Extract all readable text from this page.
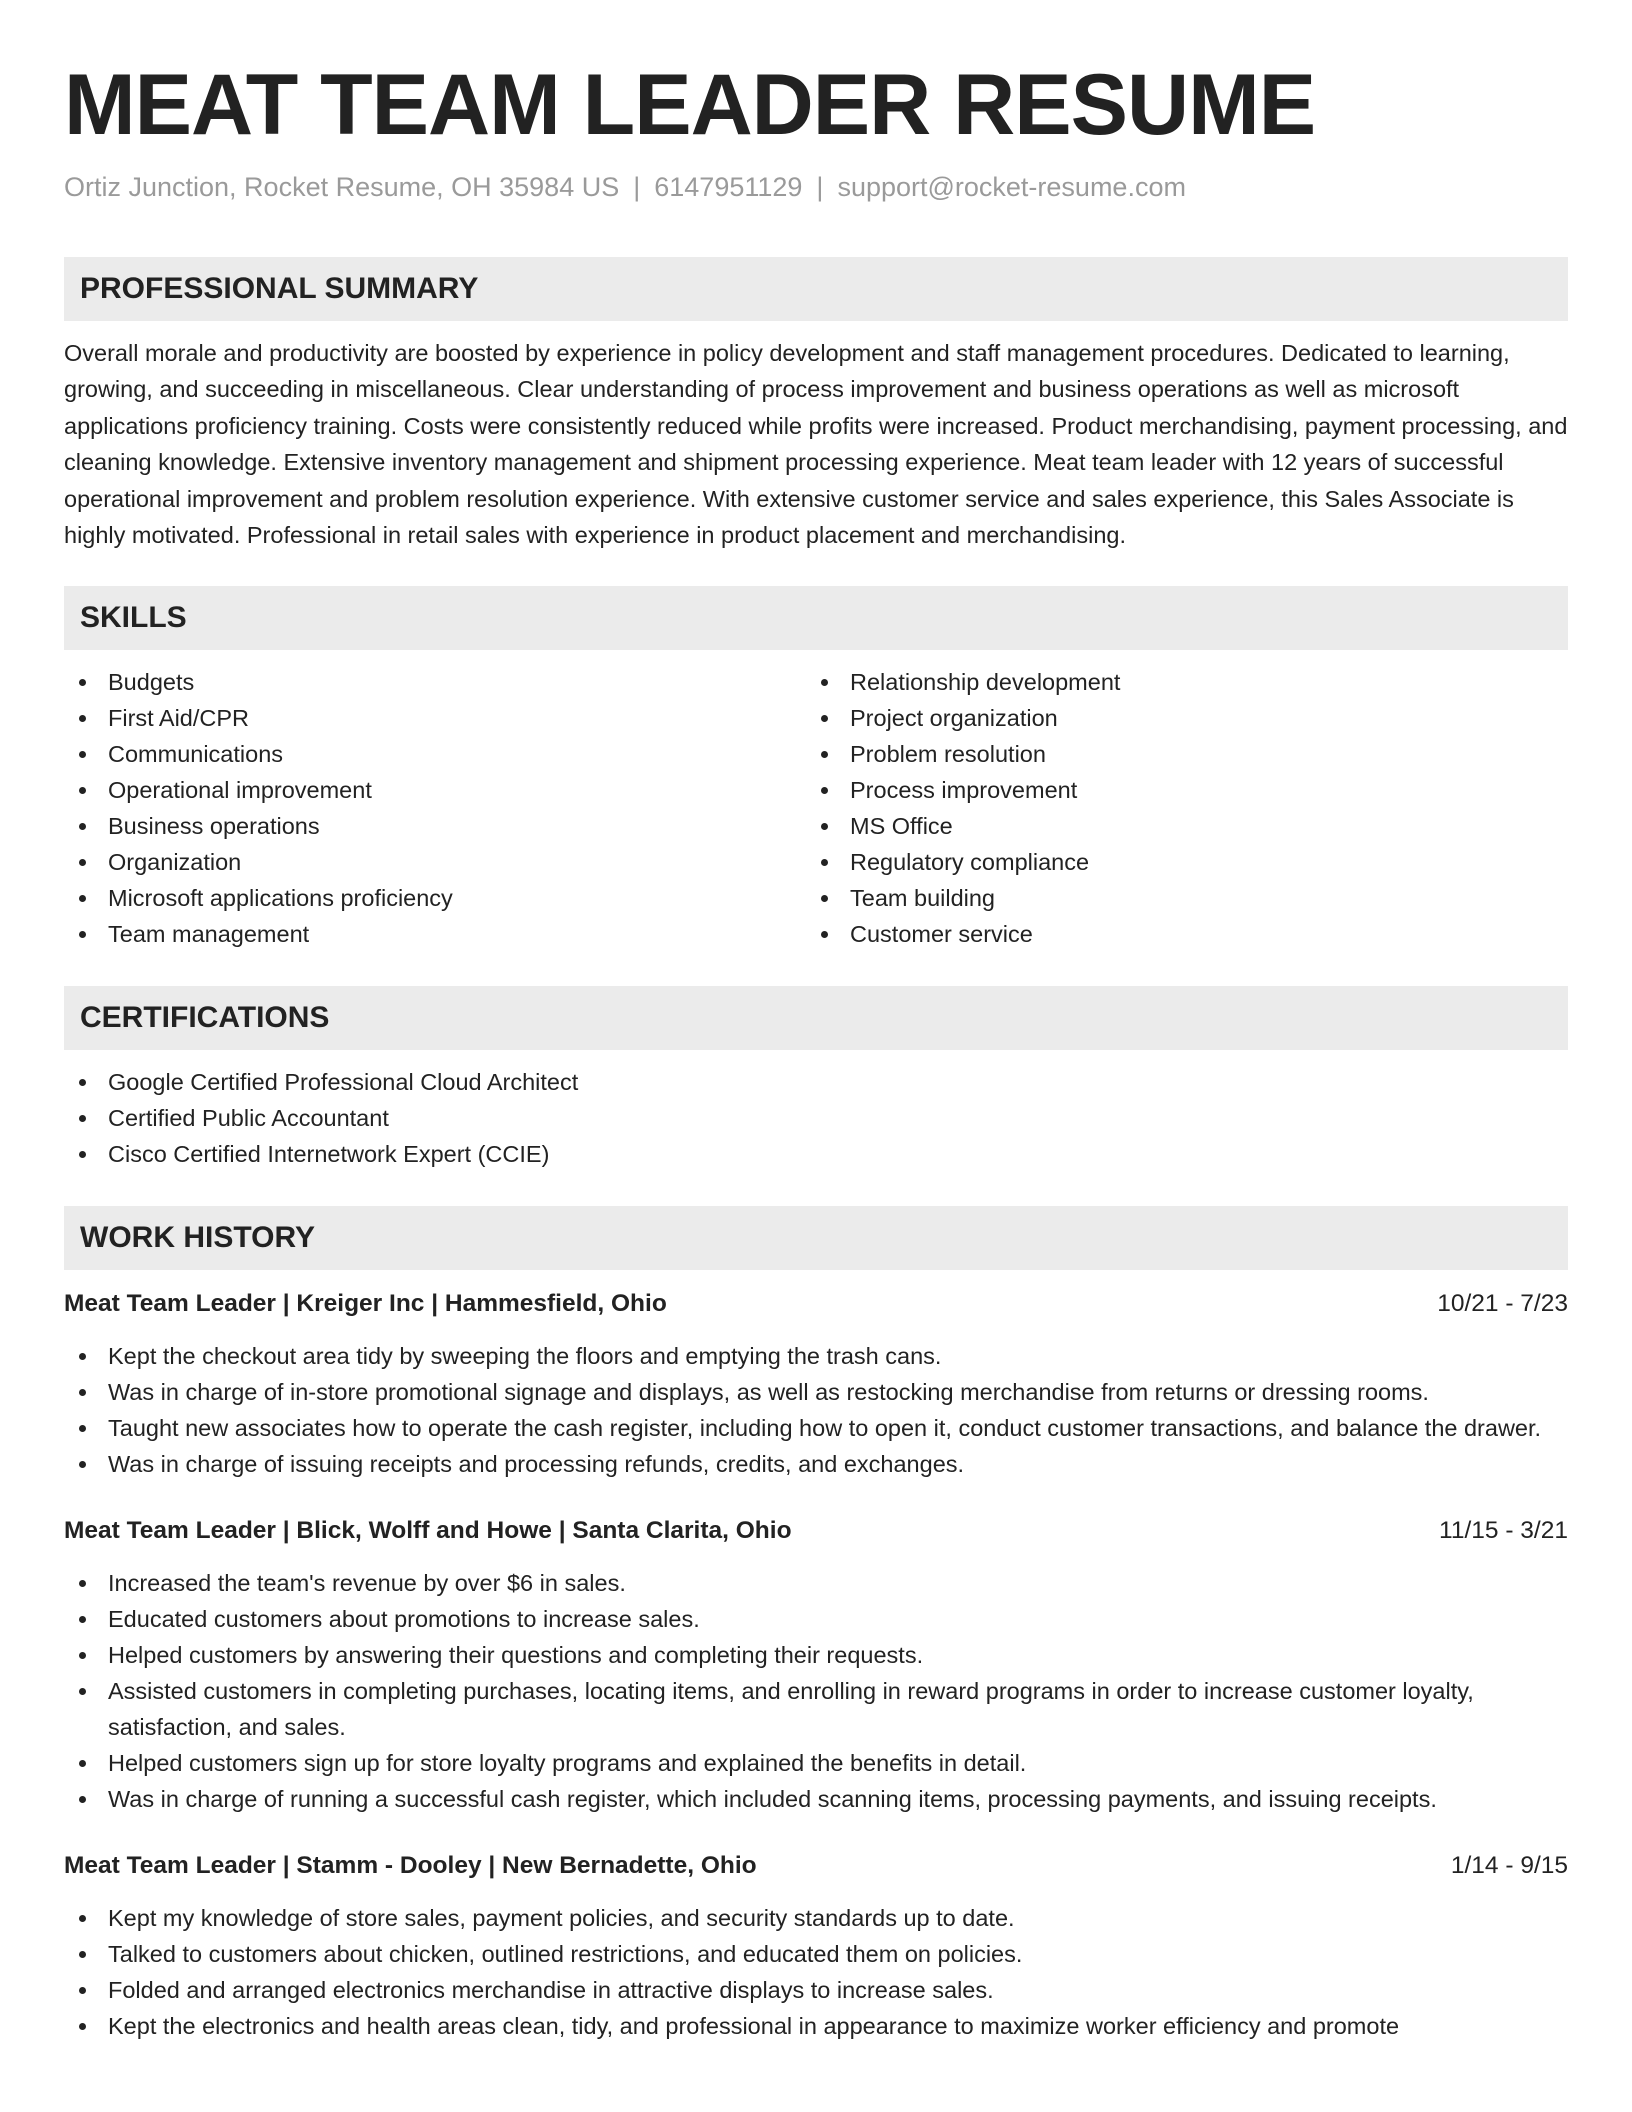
MEAT TEAM LEADER RESUME
Ortiz Junction, Rocket Resume, OH 35984 US | 6147951129 | support@rocket-resume.com
PROFESSIONAL SUMMARY

Overall morale and productivity are boosted by experience in policy development and staff management procedures. Dedicated to learning, growing, and succeeding in miscellaneous. Clear understanding of process improvement and business operations as well as microsoft applications proficiency training. Costs were consistently reduced while profits were increased. Product merchandising, payment processing, and cleaning knowledge. Extensive inventory management and shipment processing experience. Meat team leader with 12 years of successful operational improvement and problem resolution experience. With extensive customer service and sales experience, this Sales Associate is highly motivated. Professional in retail sales with experience in product placement and merchandising.

SKILLS
Budgets
First Aid/CPR
Communications
Operational improvement
Business operations
Organization
Microsoft applications proficiency
Team management
Relationship development
Project organization
Problem resolution
Process improvement
MS Office
Regulatory compliance
Team building
Customer service
CERTIFICATIONS
Google Certified Professional Cloud Architect
Certified Public Accountant
Cisco Certified Internetwork Expert (CCIE)
WORK HISTORY
Meat Team Leader | Kreiger Inc | Hammesfield, Ohio	10/21 - 7/23
Kept the checkout area tidy by sweeping the floors and emptying the trash cans.
Was in charge of in-store promotional signage and displays, as well as restocking merchandise from returns or dressing rooms.
Taught new associates how to operate the cash register, including how to open it, conduct customer transactions, and balance the drawer.
Was in charge of issuing receipts and processing refunds, credits, and exchanges.
Meat Team Leader | Blick, Wolff and Howe | Santa Clarita, Ohio	11/15 - 3/21
Increased the team's revenue by over $6 in sales.
Educated customers about promotions to increase sales.
Helped customers by answering their questions and completing their requests.
Assisted customers in completing purchases, locating items, and enrolling in reward programs in order to increase customer loyalty, satisfaction, and sales.
Helped customers sign up for store loyalty programs and explained the benefits in detail.
Was in charge of running a successful cash register, which included scanning items, processing payments, and issuing receipts.
Meat Team Leader | Stamm - Dooley | New Bernadette, Ohio	1/14 - 9/15
Kept my knowledge of store sales, payment policies, and security standards up to date.
Talked to customers about chicken, outlined restrictions, and educated them on policies.
Folded and arranged electronics merchandise in attractive displays to increase sales.
Kept the electronics and health areas clean, tidy, and professional in appearance to maximize worker efficiency and promote
